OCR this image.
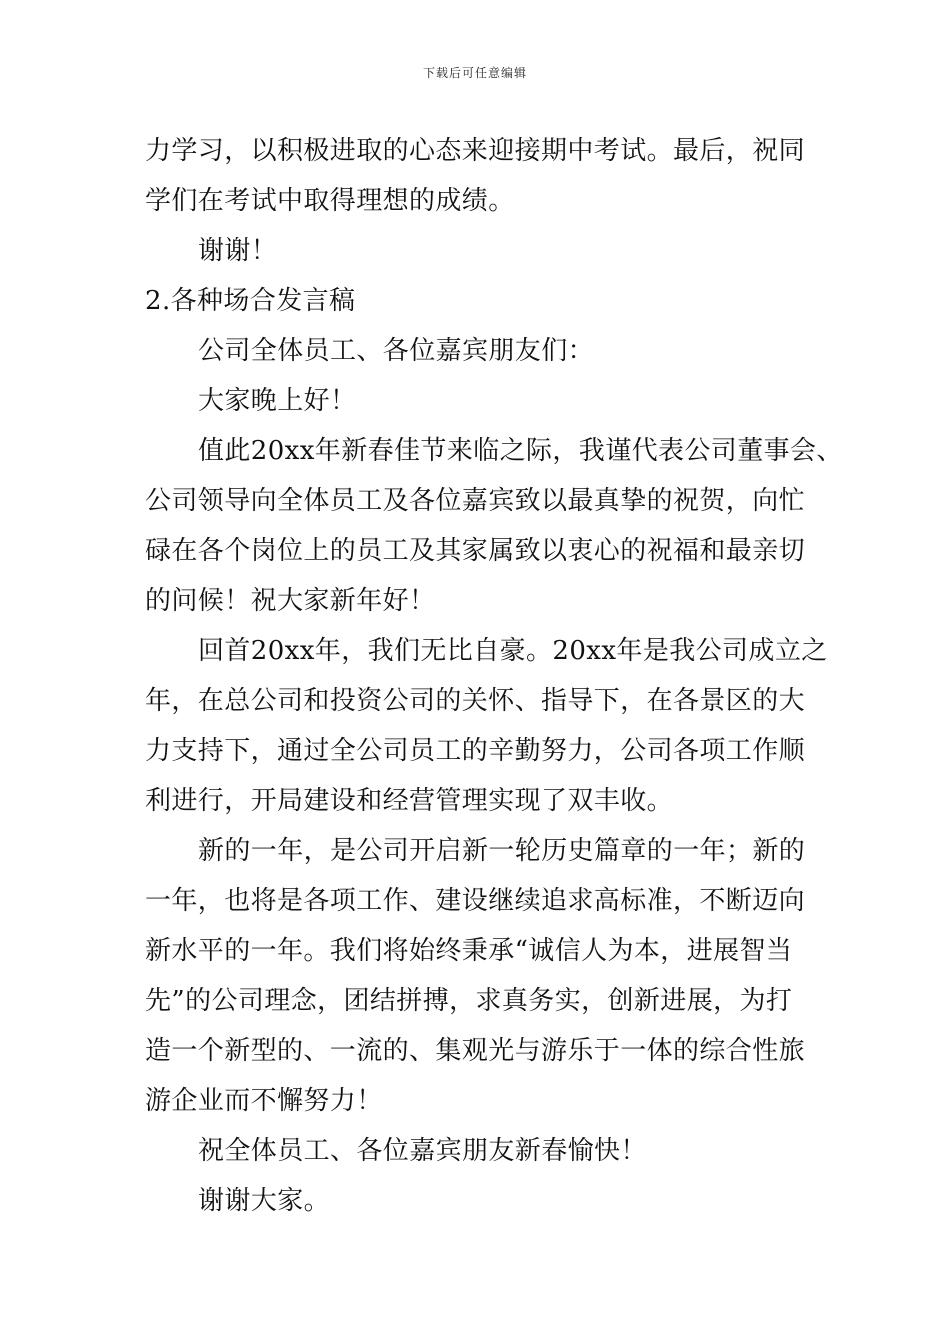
下载后可任意编辑
力学习，以积极进取的心态来迎接期中考试。最后，祝同
学们在考试中取得理想的成绩。
谢谢！
2.各种场合发言稿
公司全体员工、各位嘉宾朋友们：
大家晚上好！
值此20xx年新春佳节来临之际，我谨代表公司董事会、
公司领导向全体员工及各位嘉宾致以最真挚的祝贺，向忙
碌在各个岗位上的员工及其家属致以衷心的祝福和最亲切
的问候！祝大家新年好！
回首20xx年，我们无比自豪。20xx年是我公司成立之
年，在总公司和投资公司的关怀、指导下，在各景区的大
力支持下，通过全公司员工的辛勤努力，公司各项工作顺
利进行，开局建设和经营管理实现了双丰收。
新的一年，是公司开启新一轮历史篇章的一年；新的
一年，也将是各项工作、建设继续追求高标准，不断迈向
新水平的一年。我们将始终秉承“诚信人为本，进展智当
先”的公司理念，团结拼搏，求真务实，创新进展，为打
造一个新型的、一流的、集观光与游乐于一体的综合性旅
游企业而不懈努力！
祝全体员工、各位嘉宾朋友新春愉快！
谢谢大家。
